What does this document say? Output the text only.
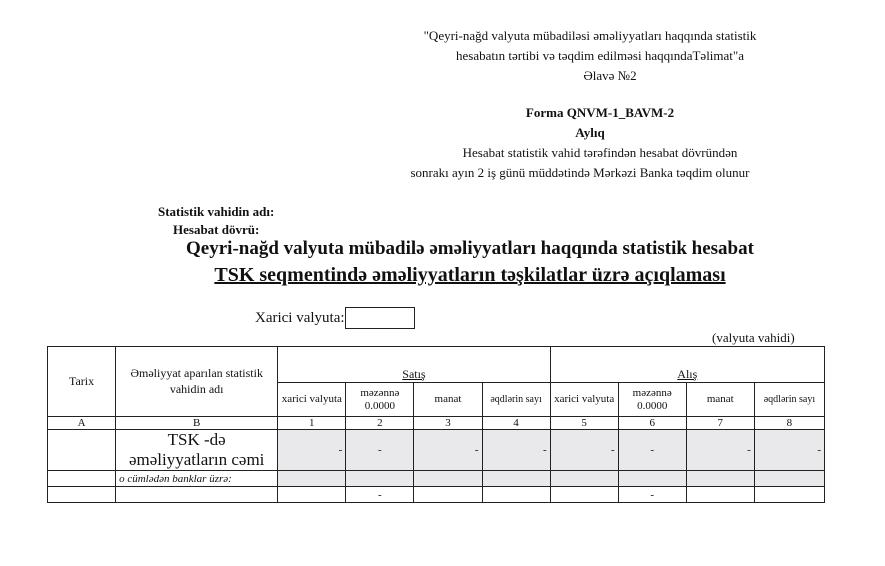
"Qeyri-nağd valyuta mübadiləsi əməliyyatları haqqında statistik
hesabatın tərtibi və təqdim edilməsi haqqındaTəlimat"a
Əlavə №2
Forma QNVM-1_BAVM-2
Aylıq
Hesabat statistik vahid tərəfindən hesabat dövründən
sonrakı ayın 2 iş günü müddətində Mərkəzi Banka təqdim olunur
Statistik vahidin adı:
Hesabat dövrü:
Qeyri-nağd valyuta mübadilə əməliyyatları haqqında statistik hesabat
TSK seqmentində əməliyyatların təşkilatlar üzrə açıqlaması
Xarici valyuta:
(valyuta vahidi)
Tarix	Əməliyyat aparılan statistik vahidin adı	Satış				Alış			
		xarici valyuta	məzənnə 0.0000	manat	əqdlərin sayı	xarici valyuta	məzənnə 0.0000	manat	əqdlərin sayı
A	B	1	2	3	4	5	6	7	8
	TSK -də əməliyyatların cəmi	-	-	-	-	-	-	-	-
	o cümlədən banklar üzrə:								
			-				-		
